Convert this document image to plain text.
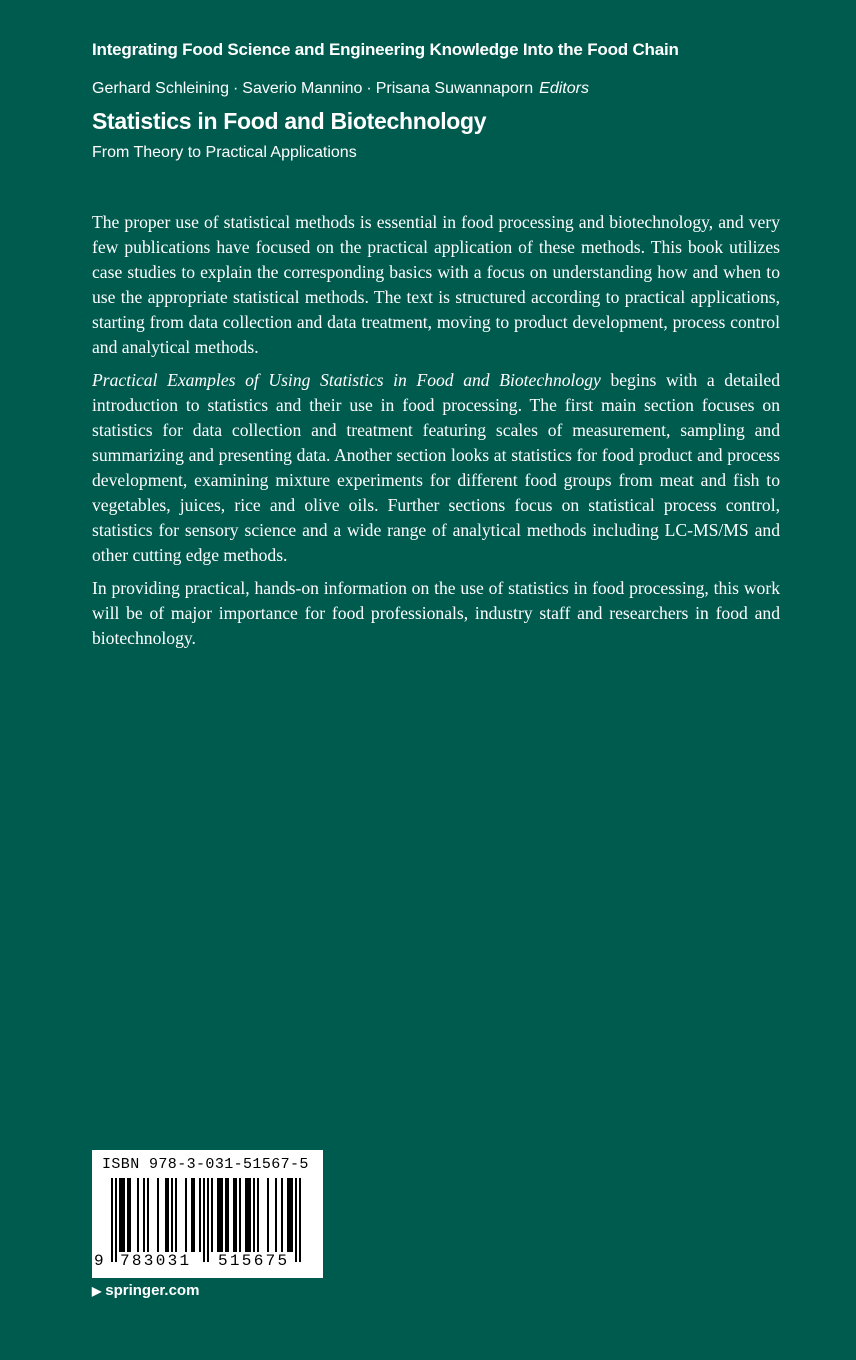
Integrating Food Science and Engineering Knowledge Into the Food Chain
Gerhard Schleining · Saverio Mannino · Prisana Suwannaporn Editors
Statistics in Food and Biotechnology
From Theory to Practical Applications

The proper use of statistical methods is essential in food processing and biotechnology, and very few publications have focused on the practical application of these methods. This book utilizes case studies to explain the corresponding basics with a focus on understanding how and when to use the appropriate statistical methods. The text is structured according to practical applications, starting from data collection and data treatment, moving to product development, process control and analytical methods.

Practical Examples of Using Statistics in Food and Biotechnology begins with a detailed introduction to statistics and their use in food processing. The first main section focuses on statistics for data collection and treatment featuring scales of measurement, sampling and summarizing and presenting data. Another section looks at statistics for food product and process development, examining mixture experiments for different food groups from meat and fish to vegetables, juices, rice and olive oils. Further sections focus on statistical process control, statistics for sensory science and a wide range of analytical methods including LC-MS/MS and other cutting edge methods.

In providing practical, hands-on information on the use of statistics in food processing, this work will be of major importance for food professionals, industry staff and researchers in food and biotechnology.

ISBN 978-3-031-51567-5
9 783031 515675
▶ springer.com
